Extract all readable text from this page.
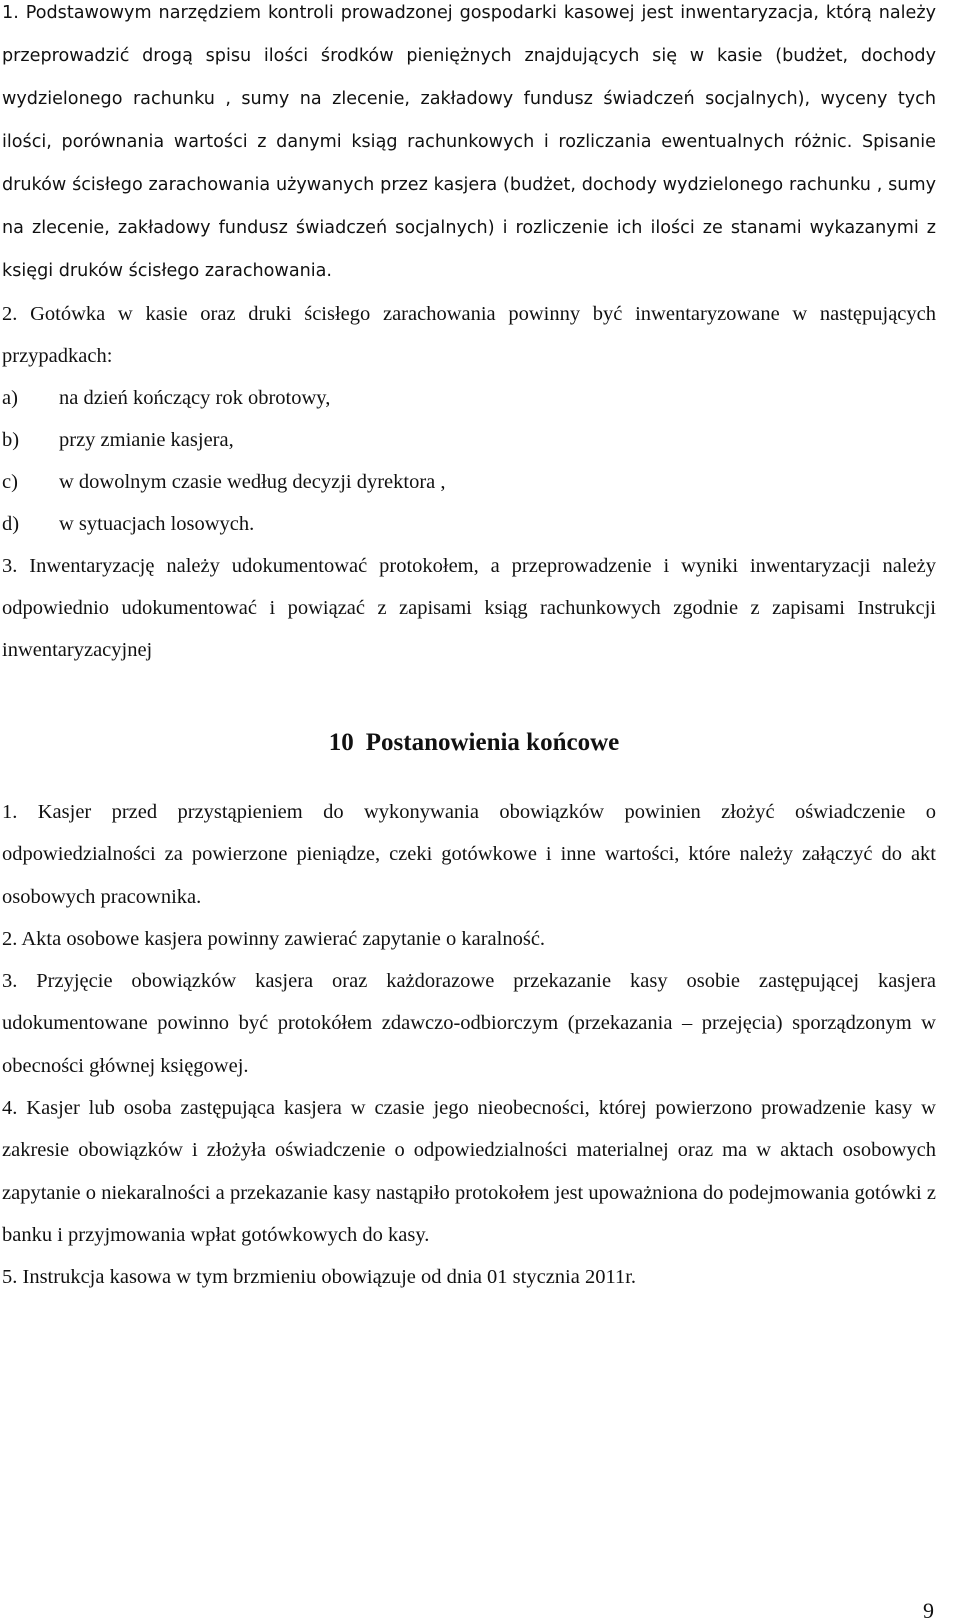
1. Podstawowym narzędziem kontroli prowadzonej gospodarki kasowej jest inwentaryzacja, którą należy przeprowadzić drogą spisu ilości środków pieniężnych znajdujących się w kasie (budżet, dochody wydzielonego rachunku , sumy na zlecenie, zakładowy fundusz świadczeń socjalnych), wyceny tych ilości, porównania wartości z danymi ksiąg rachunkowych i rozliczania ewentualnych różnic. Spisanie druków ścisłego zarachowania używanych przez kasjera (budżet, dochody wydzielonego rachunku , sumy na zlecenie, zakładowy fundusz świadczeń socjalnych) i rozliczenie ich ilości ze stanami wykazanymi z księgi druków ścisłego zarachowania.
2. Gotówka w kasie oraz druki ścisłego zarachowania powinny być inwentaryzowane w następujących przypadkach:
a)	na dzień kończący rok obrotowy,
b)	przy zmianie kasjera,
c)	w dowolnym czasie według decyzji dyrektora ,
d)	w sytuacjach losowych.
3. Inwentaryzację należy udokumentować protokołem, a przeprowadzenie i wyniki inwentaryzacji należy odpowiednio udokumentować i powiązać z zapisami ksiąg rachunkowych zgodnie z zapisami Instrukcji inwentaryzacyjnej
10 Postanowienia końcowe
1. Kasjer przed przystąpieniem do wykonywania obowiązków powinien złożyć oświadczenie o odpowiedzialności za powierzone pieniądze, czeki gotówkowe i inne wartości, które należy załączyć do akt osobowych pracownika.
2. Akta osobowe kasjera powinny zawierać zapytanie o karalność.
3. Przyjęcie obowiązków kasjera oraz każdorazowe przekazanie kasy osobie zastępującej kasjera udokumentowane powinno być protokółem zdawczo-odbiorczym (przekazania – przejęcia) sporządzonym w obecności głównej księgowej.
4. Kasjer lub osoba zastępująca kasjera w czasie jego nieobecności, której powierzono prowadzenie kasy w zakresie obowiązków i złożyła oświadczenie o odpowiedzialności materialnej oraz ma w aktach osobowych zapytanie o niekaralności a przekazanie kasy nastąpiło protokołem jest upoważniona do podejmowania gotówki z banku i przyjmowania wpłat gotówkowych do kasy.
5. Instrukcja kasowa w tym brzmieniu obowiązuje od dnia 01 stycznia 2011r.
9
